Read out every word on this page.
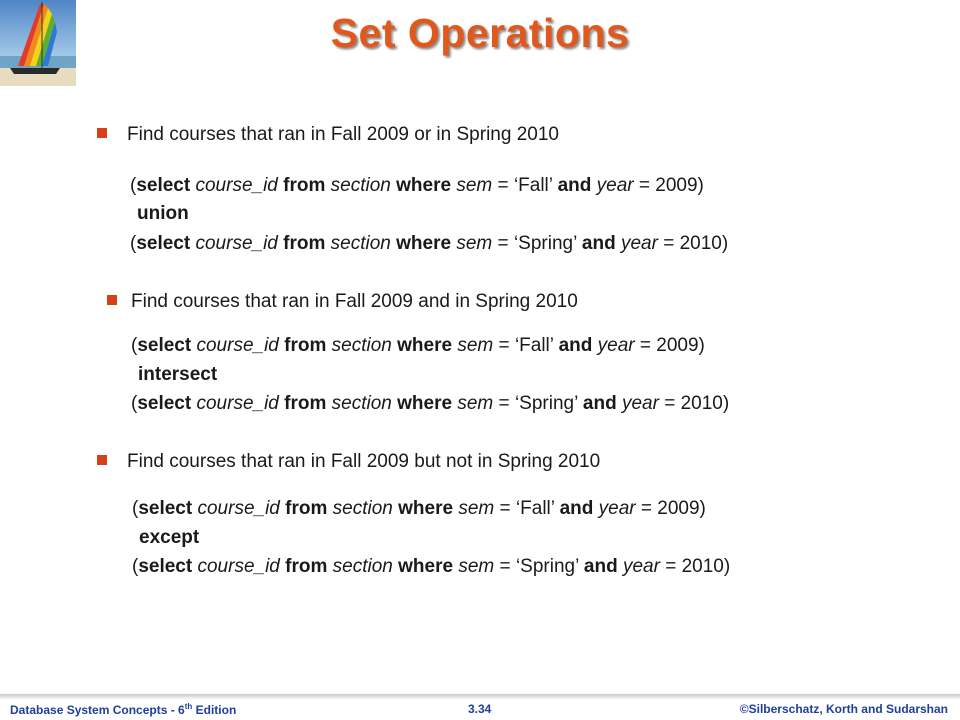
Set Operations
Find courses that ran in Fall 2009 or in Spring 2010
(select course_id from section where sem = ‘Fall’ and year = 2009)
union
(select course_id from section where sem = ‘Spring’ and year = 2010)
Find courses that ran in Fall 2009 and in Spring 2010
(select course_id from section where sem = ‘Fall’ and year = 2009)
intersect
(select course_id from section where sem = ‘Spring’ and year = 2010)
Find courses that ran in Fall 2009 but not in Spring 2010
(select course_id from section where sem = ‘Fall’ and year = 2009)
except
(select course_id from section where sem = ‘Spring’ and year = 2010)
Database System Concepts - 6th Edition	3.34	©Silberschatz, Korth and Sudarshan
